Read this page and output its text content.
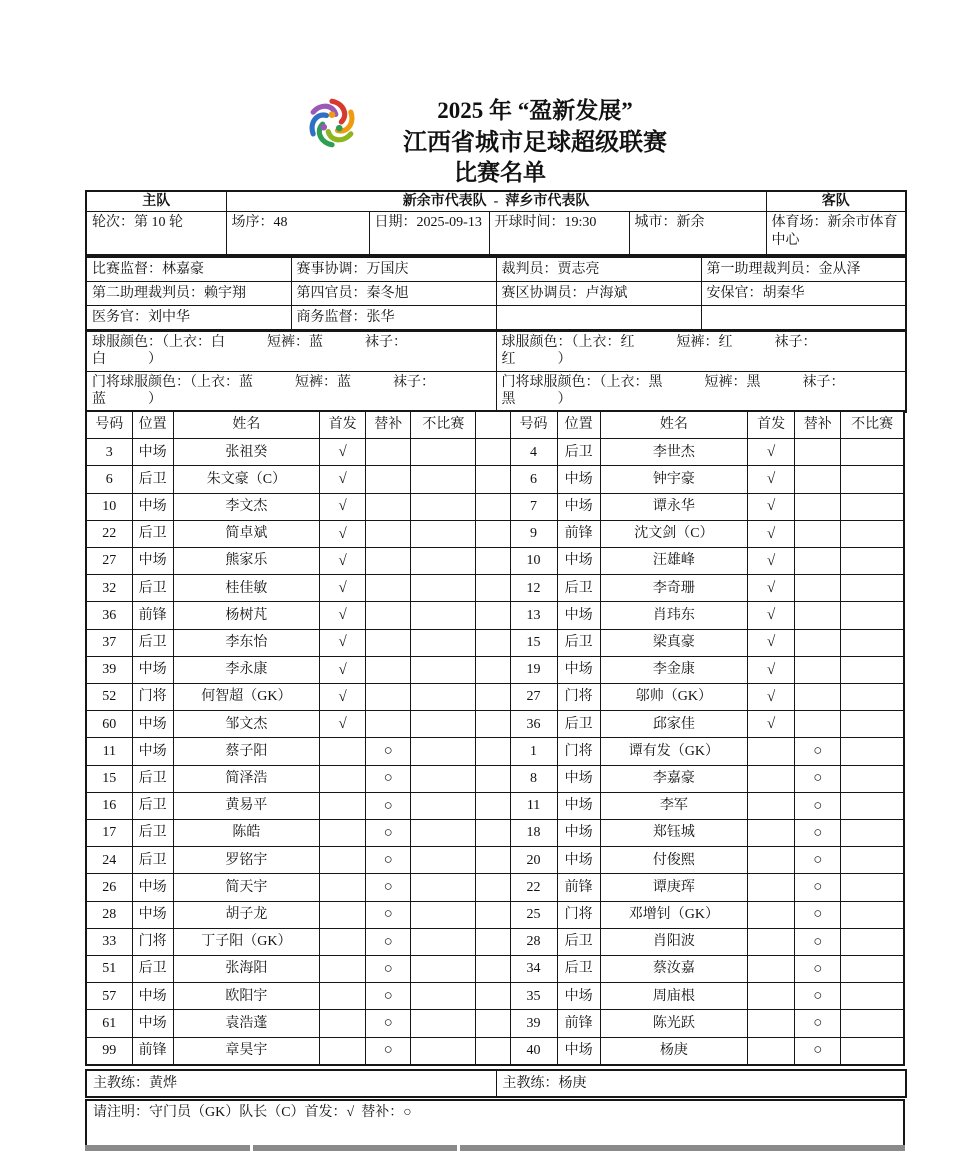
2025 年 “盈新发展”
江西省城市足球超级联赛
比赛名单
主队	新余市代表队  -  萍乡市代表队				客队
轮次：第 10 轮	场序：48	日期：2025-09-13	开球时间：19:30	城市：新余	体育场：新余市体育中心
比赛监督：林嘉豪	赛事协调：万国庆	裁判员：贾志亮	第一助理裁判员：金从泽
第二助理裁判员：赖宇翔	第四官员：秦冬旭	赛区协调员：卢海斌	安保官：胡秦华
医务官：刘中华	商务监督：张华		
球服颜色：（上衣：白　　　短裤：蓝　　　袜子：
白　　　）	球服颜色：（上衣：红　　　短裤：红　　　袜子：
红　　　）
门将球服颜色：（上衣：蓝　　　短裤：蓝　　　袜子：
蓝　　　）	门将球服颜色：（上衣：黑　　　短裤：黑　　　袜子：
黑　　　）
号码	位置	姓名	首发	替补	不比赛		号码	位置	姓名	首发	替补	不比赛
3	中场	张祖癸	√				4	后卫	李世杰	√		
6	后卫	朱文豪（C）	√				6	中场	钟宇豪	√		
10	中场	李文杰	√				7	中场	谭永华	√		
22	后卫	简卓斌	√				9	前锋	沈文剑（C）	√		
27	中场	熊家乐	√				10	中场	汪雄峰	√		
32	后卫	桂佳敏	√				12	后卫	李奇珊	√		
36	前锋	杨树芃	√				13	中场	肖玮东	√		
37	后卫	李东怡	√				15	后卫	梁真豪	√		
39	中场	李永康	√				19	中场	李金康	√		
52	门将	何智超（GK）	√				27	门将	邬帅（GK）	√		
60	中场	邹文杰	√				36	后卫	邱家佳	√		
11	中场	蔡子阳		○			1	门将	谭有发（GK）		○	
15	后卫	简泽浩		○			8	中场	李嘉豪		○	
16	后卫	黄易平		○			11	中场	李军		○	
17	后卫	陈皓		○			18	中场	郑钰城		○	
24	后卫	罗铭宇		○			20	中场	付俊熙		○	
26	中场	简天宇		○			22	前锋	谭庚珲		○	
28	中场	胡子龙		○			25	门将	邓增钊（GK）		○	
33	门将	丁子阳（GK）		○			28	后卫	肖阳波		○	
51	后卫	张海阳		○			34	后卫	蔡汝嘉		○	
57	中场	欧阳宇		○			35	中场	周庙根		○	
61	中场	袁浩蓬		○			39	前锋	陈光跃		○	
99	前锋	章昊宇		○			40	中场	杨庚		○	
主教练：黄烨	主教练：杨庚
请注明：守门员（GK）队长（C）首发：√  替补：○
